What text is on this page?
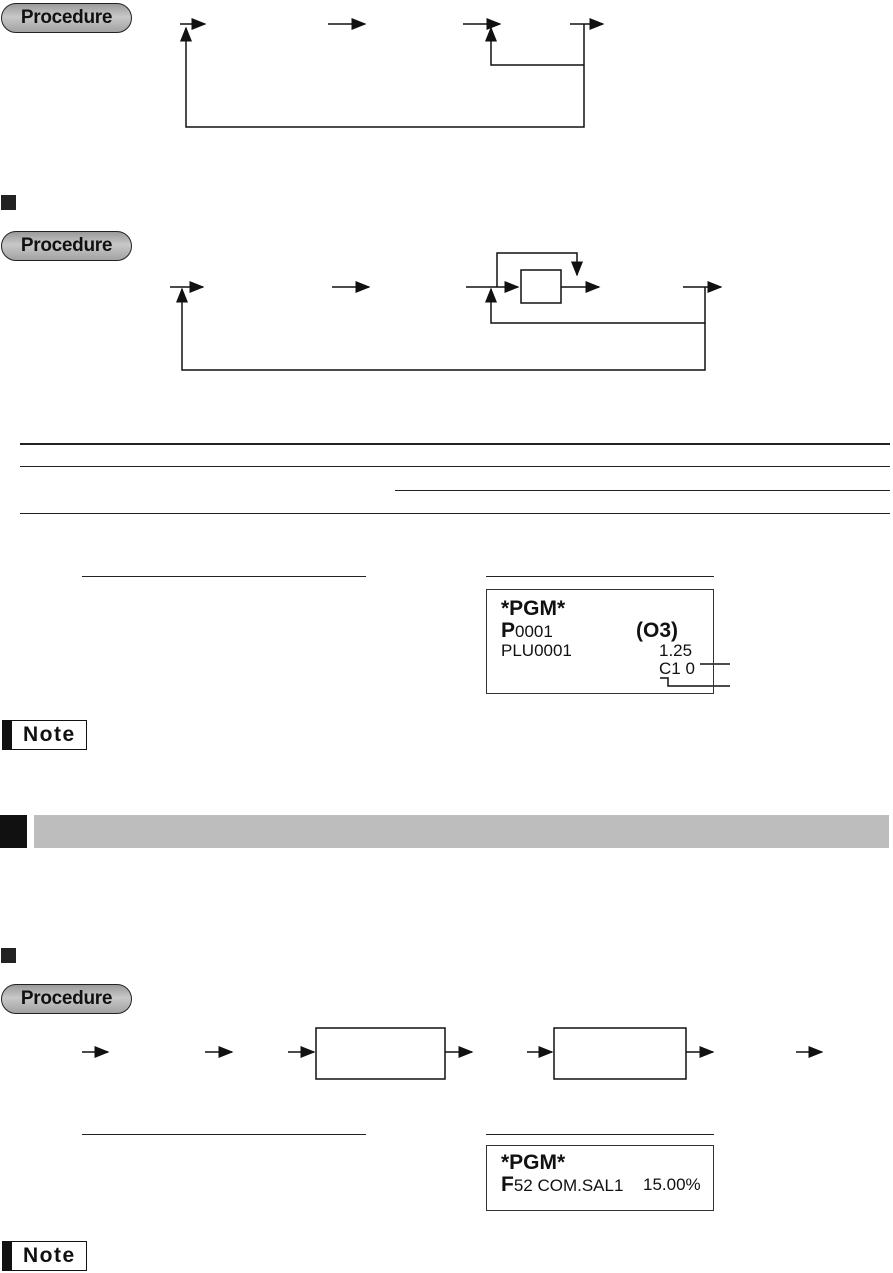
Procedure
Procedure
*PGM*
P0001	(O3)
PLU0001	1.25
C1 0
Note
Procedure
*PGM*
F52 COM.SAL1 15.00%
Note
